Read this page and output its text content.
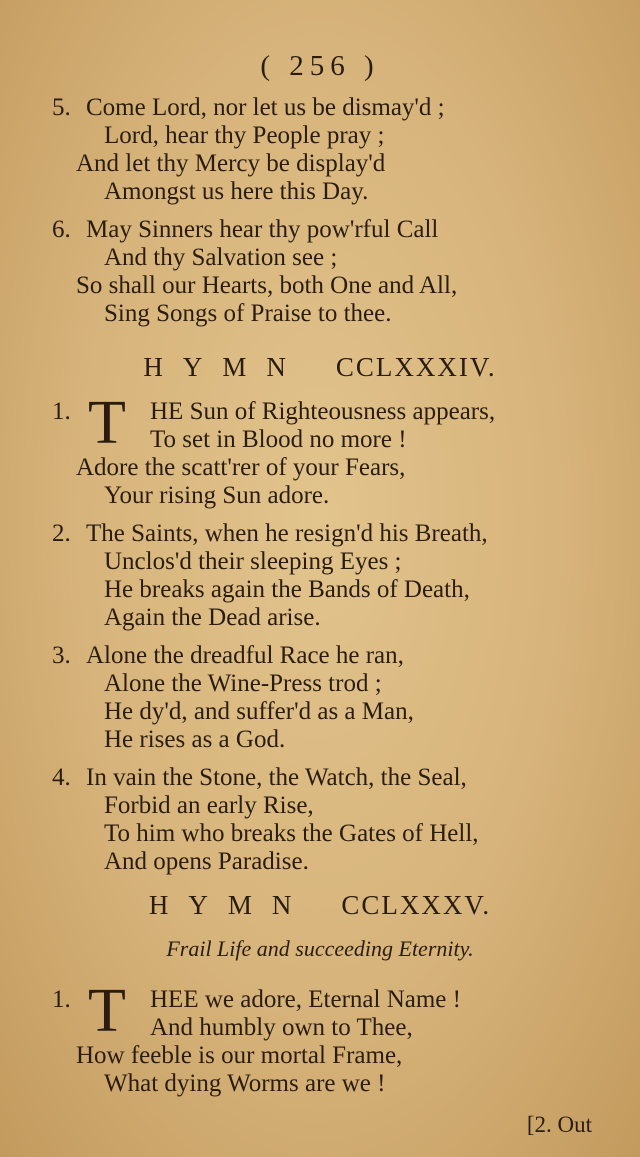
( 256 )
5. Come Lord, nor let us be dismay'd ;
Lord, hear thy People pray ;
And let thy Mercy be display'd
Amongst us here this Day.
6. May Sinners hear thy pow'rful Call
And thy Salvation see ;
So shall our Hearts, both One and All,
Sing Songs of Praise to thee.
HYMN CCLXXXIV.
1. T HE Sun of Righteousness appears,
To set in Blood no more !
Adore the scatt'rer of your Fears,
Your rising Sun adore.
2. The Saints, when he resign'd his Breath,
Unclos'd their sleeping Eyes ;
He breaks again the Bands of Death,
Again the Dead arise.
3. Alone the dreadful Race he ran,
Alone the Wine-Press trod ;
He dy'd, and suffer'd as a Man,
He rises as a God.
4. In vain the Stone, the Watch, the Seal,
Forbid an early Rise,
To him who breaks the Gates of Hell,
And opens Paradise.
HYMN CCLXXXV.
Frail Life and succeeding Eternity.
1. T HEE we adore, Eternal Name !
And humbly own to Thee,
How feeble is our mortal Frame,
What dying Worms are we !
[2. Out
